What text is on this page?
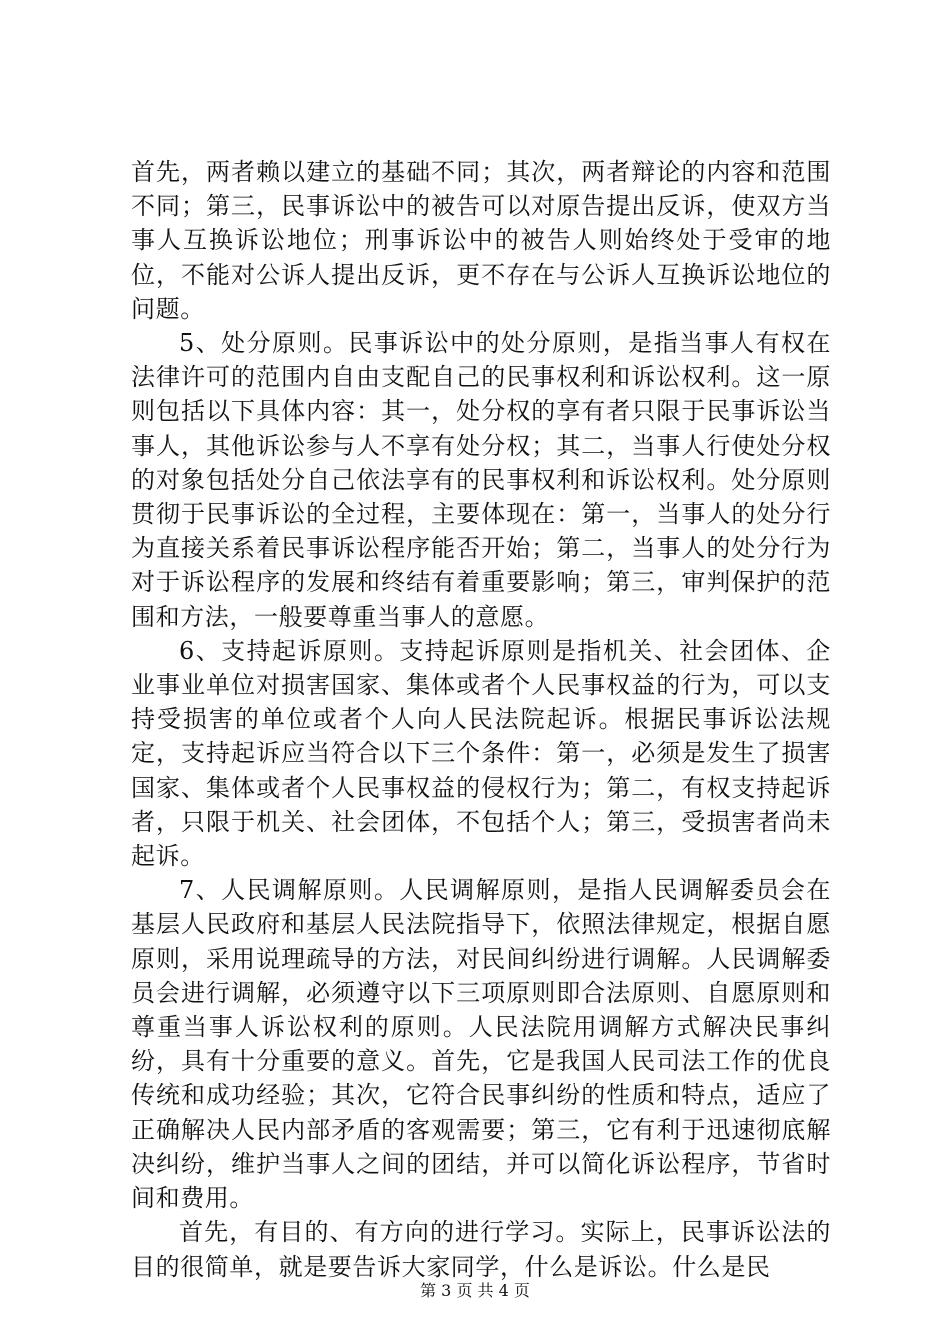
首先，两者赖以建立的基础不同；其次，两者辩论的内容和范围不同；第三，民事诉讼中的被告可以对原告提出反诉，使双方当事人互换诉讼地位；刑事诉讼中的被告人则始终处于受审的地位，不能对公诉人提出反诉，更不存在与公诉人互换诉讼地位的问题。

5、处分原则。民事诉讼中的处分原则，是指当事人有权在法律许可的范围内自由支配自己的民事权利和诉讼权利。这一原则包括以下具体内容：其一，处分权的享有者只限于民事诉讼当事人，其他诉讼参与人不享有处分权；其二，当事人行使处分权的对象包括处分自己依法享有的民事权利和诉讼权利。处分原则贯彻于民事诉讼的全过程，主要体现在：第一，当事人的处分行为直接关系着民事诉讼程序能否开始；第二，当事人的处分行为对于诉讼程序的发展和终结有着重要影响；第三，审判保护的范围和方法，一般要尊重当事人的意愿。

6、支持起诉原则。支持起诉原则是指机关、社会团体、企业事业单位对损害国家、集体或者个人民事权益的行为，可以支持受损害的单位或者个人向人民法院起诉。根据民事诉讼法规定，支持起诉应当符合以下三个条件：第一，必须是发生了损害国家、集体或者个人民事权益的侵权行为；第二，有权支持起诉者，只限于机关、社会团体，不包括个人；第三，受损害者尚未起诉。

7、人民调解原则。人民调解原则，是指人民调解委员会在基层人民政府和基层人民法院指导下，依照法律规定，根据自愿原则，采用说理疏导的方法，对民间纠纷进行调解。人民调解委员会进行调解，必须遵守以下三项原则即合法原则、自愿原则和尊重当事人诉讼权利的原则。人民法院用调解方式解决民事纠纷，具有十分重要的意义。首先，它是我国人民司法工作的优良传统和成功经验；其次，它符合民事纠纷的性质和特点，适应了正确解决人民内部矛盾的客观需要；第三，它有利于迅速彻底解决纠纷，维护当事人之间的团结，并可以简化诉讼程序，节省时间和费用。

首先，有目的、有方向的进行学习。实际上，民事诉讼法的目的很简单，就是要告诉大家同学，什么是诉讼。什么是民

第 3 页 共 4 页
